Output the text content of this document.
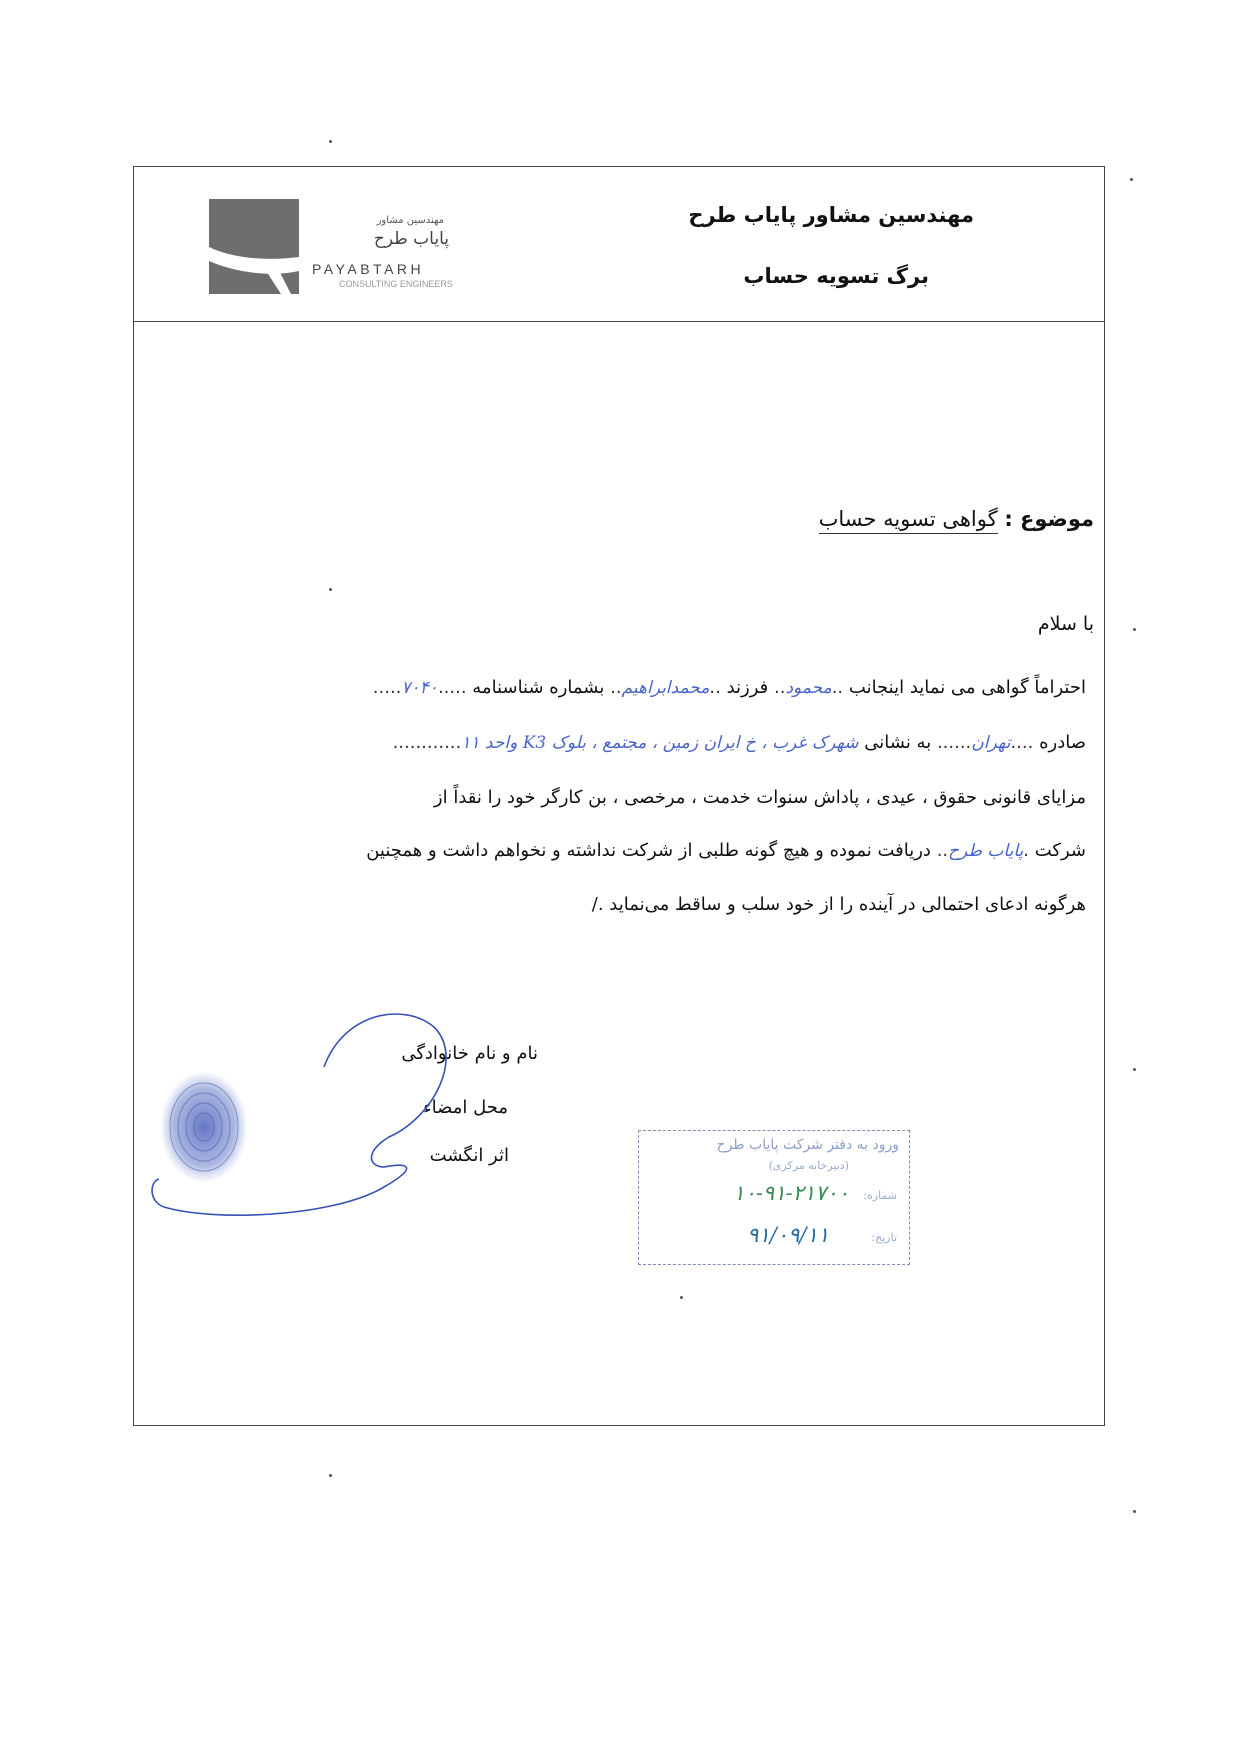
مهندسین مشاور پایاب طرح
برگ تسویه حساب
مهندسین مشاور
پایاب طرح
PAYABTARH
CONSULTING ENGINEERS
موضوع : گواهی تسویه حساب
با سلام
احتراماً گواهی می نماید اینجانب ..محمود.. فرزند ..محمدابراهیم.. بشماره شناسنامه .....۷۰۴۰.....
صادره ....تهران...... به نشانی شهرک غرب ، خ ایران زمین ، مجتمع ، بلوک K3 واحد ۱۱............
مزایای قانونی حقوق ، عیدی ، پاداش سنوات خدمت ، مرخصی ، بن کارگر خود را نقداً از
شرکت .پایاب طرح.. دریافت نموده و هیچ گونه طلبی از شرکت نداشته و نخواهم داشت و همچنین
هرگونه ادعای احتمالی در آینده را از خود سلب و ساقط می‌نماید ./
نام و نام خانوادگی
محل امضاء
اثر انگشت	ورود به دفتر شرکت پایاب طرح
(دبیرخانه مرکزی)
شماره:
۱۰-۹۱-۲۱۷۰۰
تاریخ:
۹۱/۰۹/۱۱
